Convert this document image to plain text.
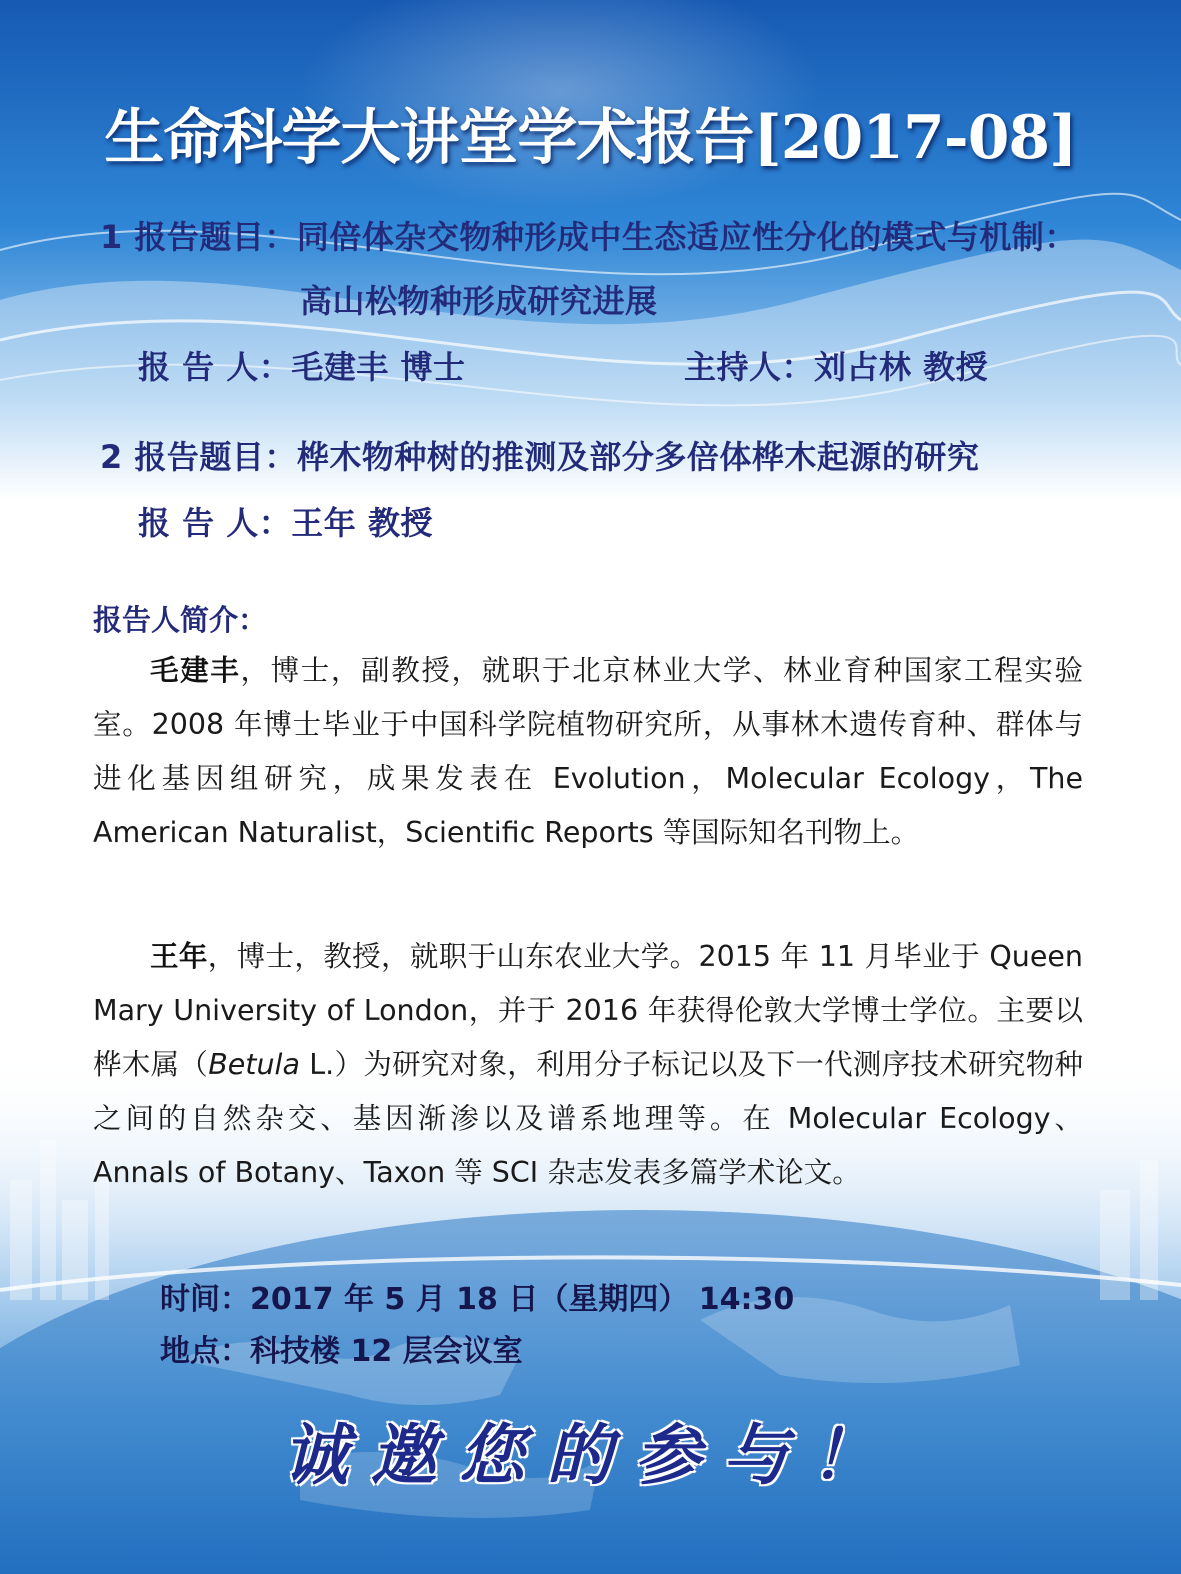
生命科学大讲堂学术报告[2017-08]
1 报告题目：同倍体杂交物种形成中生态适应性分化的模式与机制：
高山松物种形成研究进展
报 告 人：毛建丰 博士	主持人：刘占林 教授
2 报告题目：桦木物种树的推测及部分多倍体桦木起源的研究
报 告 人：王年 教授
报告人简介：

毛建丰，博士，副教授，就职于北京林业大学、林业育种国家工程实验室。2008 年博士毕业于中国科学院植物研究所，从事林木遗传育种、群体与进化基因组研究，成果发表在 Evolution，Molecular Ecology，The American Naturalist，Scientific Reports 等国际知名刊物上。

王年，博士，教授，就职于山东农业大学。2015 年 11 月毕业于 Queen Mary University of London，并于 2016 年获得伦敦大学博士学位。主要以桦木属（Betula L.）为研究对象，利用分子标记以及下一代测序技术研究物种之间的自然杂交、基因渐渗以及谱系地理等。在 Molecular Ecology、Annals of Botany、Taxon 等 SCI 杂志发表多篇学术论文。

时间：2017 年 5 月 18 日（星期四） 14:30
地点：科技楼 12 层会议室
诚邀您的参与！
